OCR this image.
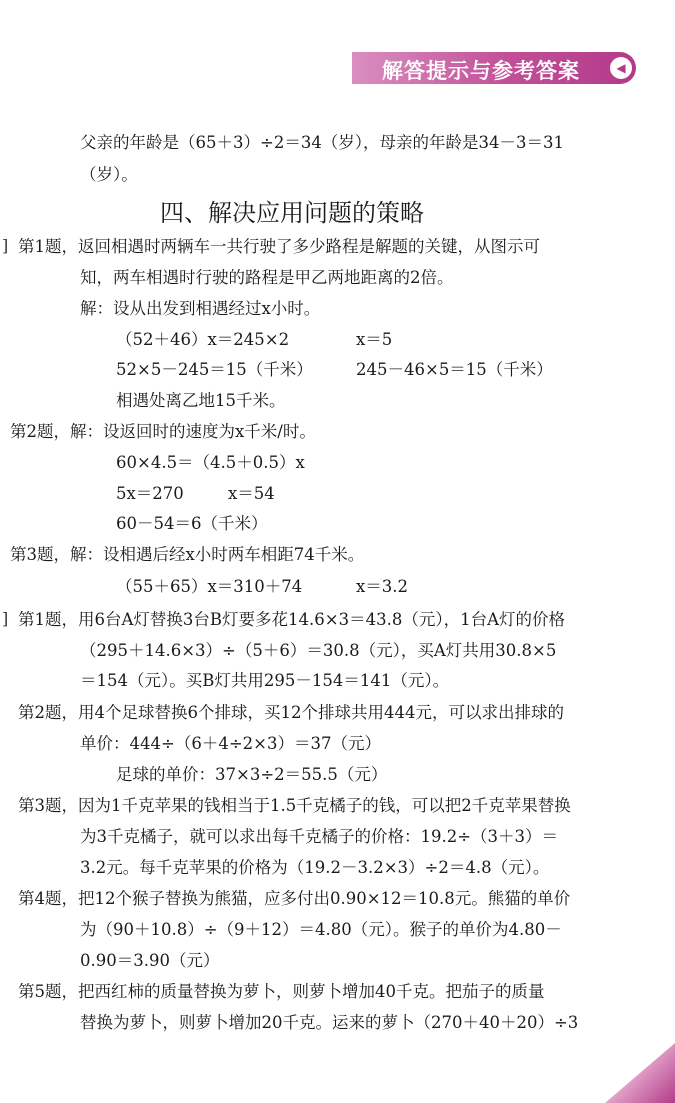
解答提示与参考答案	◀
父亲的年龄是（65＋3）÷2＝34（岁），母亲的年龄是34－3＝31
（岁）。
四、解决应用问题的策略
] 第1题，返回相遇时两辆车一共行驶了多少路程是解题的关键，从图示可
知，两车相遇时行驶的路程是甲乙两地距离的2倍。
解：设从出发到相遇经过x小时。
（52＋46）x＝245×2	x＝5
52×5－245＝15（千米）	245－46×5＝15（千米）
相遇处离乙地15千米。
第2题，解：设返回时的速度为x千米/时。
60×4.5＝（4.5＋0.5）x
5x＝270	x＝54
60－54＝6（千米）
第3题，解：设相遇后经x小时两车相距74千米。
（55＋65）x＝310＋74	x＝3.2
] 第1题，用6台A灯替换3台B灯要多花14.6×3＝43.8（元），1台A灯的价格
（295＋14.6×3）÷（5＋6）＝30.8（元），买A灯共用30.8×5
＝154（元）。买B灯共用295－154＝141（元）。
第2题，用4个足球替换6个排球，买12个排球共用444元，可以求出排球的
单价：444÷（6＋4÷2×3）＝37（元）
足球的单价：37×3÷2＝55.5（元）
第3题，因为1千克苹果的钱相当于1.5千克橘子的钱，可以把2千克苹果替换
为3千克橘子，就可以求出每千克橘子的价格：19.2÷（3＋3）＝
3.2元。每千克苹果的价格为（19.2－3.2×3）÷2＝4.8（元）。
第4题，把12个猴子替换为熊猫，应多付出0.90×12＝10.8元。熊猫的单价
为（90＋10.8）÷（9＋12）＝4.80（元）。猴子的单价为4.80－
0.90＝3.90（元）
第5题，把西红柿的质量替换为萝卜，则萝卜增加40千克。把茄子的质量
替换为萝卜，则萝卜增加20千克。运来的萝卜（270＋40＋20）÷3
6
